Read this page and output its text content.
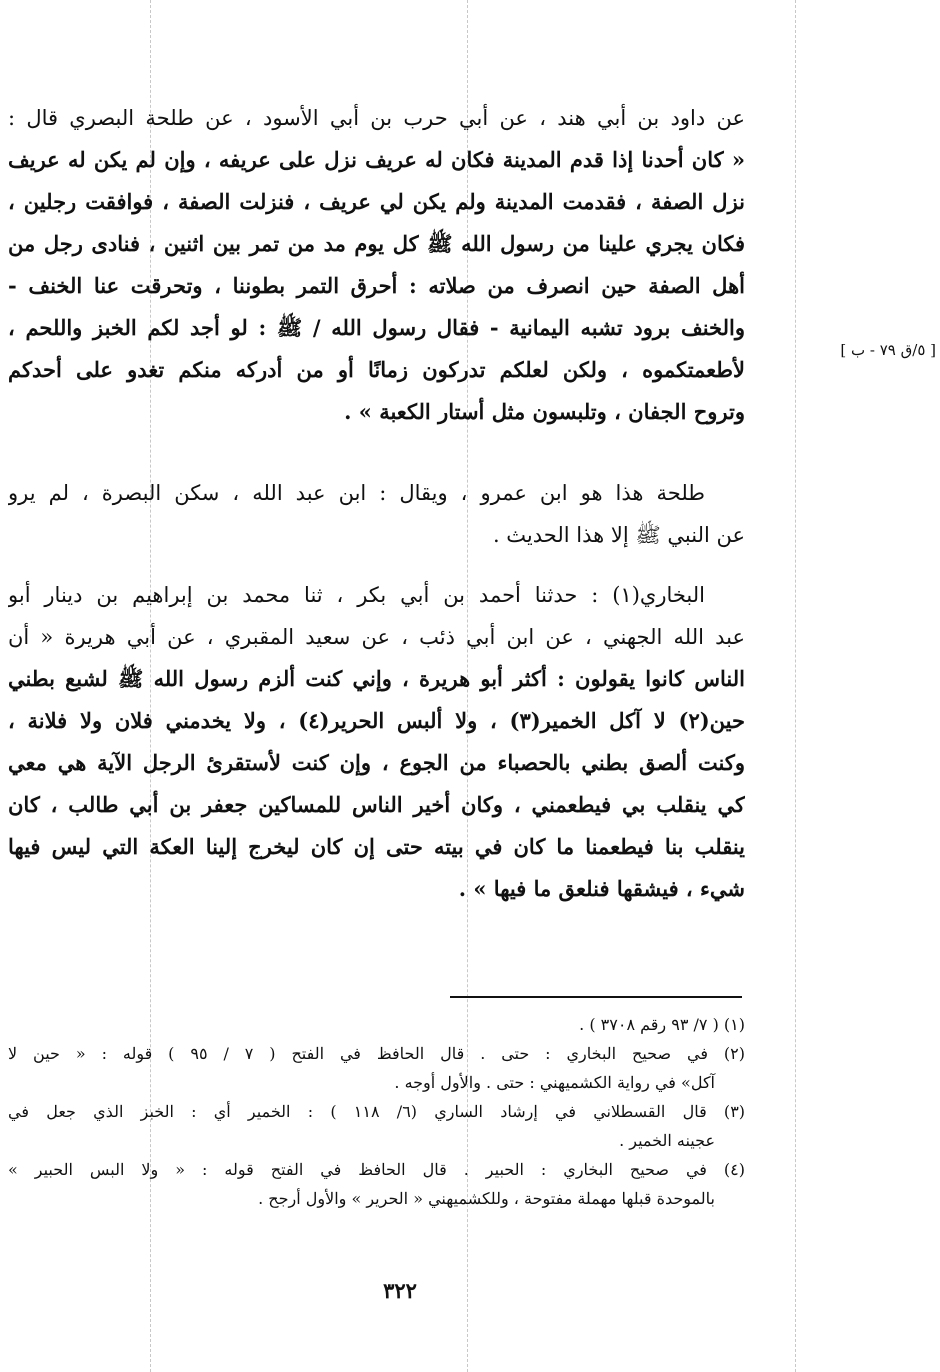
عن داود بن أبي هند ، عن أبي حرب بن أبي الأسود ، عن طلحة البصري قال :
« كان أحدنا إذا قدم المدينة فكان له عريف نزل على عريفه ، وإن لم يكن له عريف
نزل الصفة ، فقدمت المدينة ولم يكن لي عريف ، فنزلت الصفة ، فوافقت رجلين ،
فكان يجري علينا من رسول الله ﷺ كل يوم مد من تمر بين اثنين ، فنادى رجل من
أهل الصفة حين انصرف من صلاته : أحرق التمر بطوننا ، وتحرقت عنا الخنف -
والخنف برود تشبه اليمانية - فقال رسول الله / ﷺ : لو أجد لكم الخبز واللحم ،
لأطعمتكموه ، ولكن لعلكم تدركون زمانًا أو من أدركه منكم تغدو على أحدكم
وتروح الجفان ، وتلبسون مثل أستار الكعبة » .
[ ٥/ق ٧٩ - ب ]
طلحة هذا هو ابن عمرو ، ويقال : ابن عبد الله ، سكن البصرة ، لم يرو
عن النبي ﷺ إلا هذا الحديث .
البخاري(١) : حدثنا أحمد بن أبي بكر ، ثنا محمد بن إبراهيم بن دينار أبو
عبد الله الجهني ، عن ابن أبي ذئب ، عن سعيد المقبري ، عن أبي هريرة « أن
الناس كانوا يقولون : أكثر أبو هريرة ، وإني كنت ألزم رسول الله ﷺ لشبع بطني
حين(٢) لا آكل الخمير(٣) ، ولا ألبس الحرير(٤) ، ولا يخدمني فلان ولا فلانة ،
وكنت ألصق بطني بالحصباء من الجوع ، وإن كنت لأستقرئ الرجل الآية هي معي
كي ينقلب بي فيطعمني ، وكان أخير الناس للمساكين جعفر بن أبي طالب ، كان
ينقلب بنا فيطعمنا ما كان في بيته حتى إن كان ليخرج إلينا العكة التي ليس فيها
شيء ، فيشقها فنلعق ما فيها » .
(١) ( ٧/ ٩٣ رقم ٣٧٠٨ ) .
(٢) في صحيح البخاري : حتى . قال الحافظ في الفتح ( ٧ / ٩٥ ) قوله : « حين لا
آكل» في رواية الكشميهني : حتى . والأول أوجه .
(٣) قال القسطلاني في إرشاد الساري (٦/ ١١٨ ) : الخمير أي : الخبز الذي جعل في
عجينه الخمير .
(٤) في صحيح البخاري : الحبير . قال الحافظ في الفتح قوله : « ولا البس الحبير »
بالموحدة قبلها مهملة مفتوحة ، وللكشميهني « الحرير » والأول أرجح .
٣٢٢
